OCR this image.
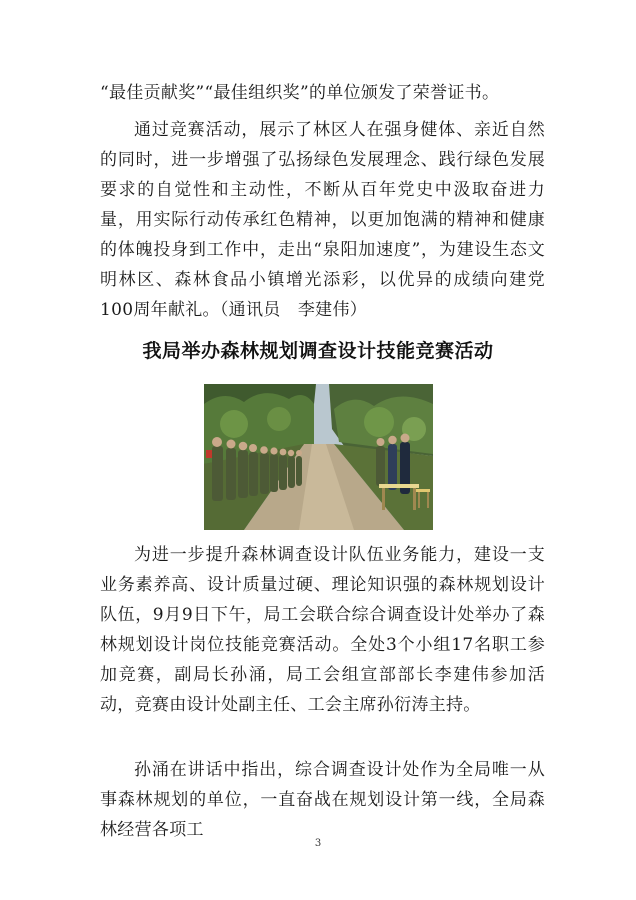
“最佳贡献奖”“最佳组织奖”的单位颁发了荣誉证书。

通过竞赛活动，展示了林区人在强身健体、亲近自然的同时，进一步增强了弘扬绿色发展理念、践行绿色发展要求的自觉性和主动性，不断从百年党史中汲取奋进力量，用实际行动传承红色精神，以更加饱满的精神和健康的体魄投身到工作中，走出“泉阳加速度”，为建设生态文明林区、森林食品小镇增光添彩，以优异的成绩向建党100周年献礼。（通讯员　李建伟）

我局举办森林规划调查设计技能竞赛活动

为进一步提升森林调查设计队伍业务能力，建设一支业务素养高、设计质量过硬、理论知识强的森林规划设计队伍，9月9日下午，局工会联合综合调查设计处举办了森林规划设计岗位技能竞赛活动。全处3个小组17名职工参加竞赛，副局长孙涌，局工会组宣部部长李建伟参加活动，竞赛由设计处副主任、工会主席孙衍涛主持。

孙涌在讲话中指出，综合调查设计处作为全局唯一从事森林规划的单位，一直奋战在规划设计第一线，全局森林经营各项工

3
